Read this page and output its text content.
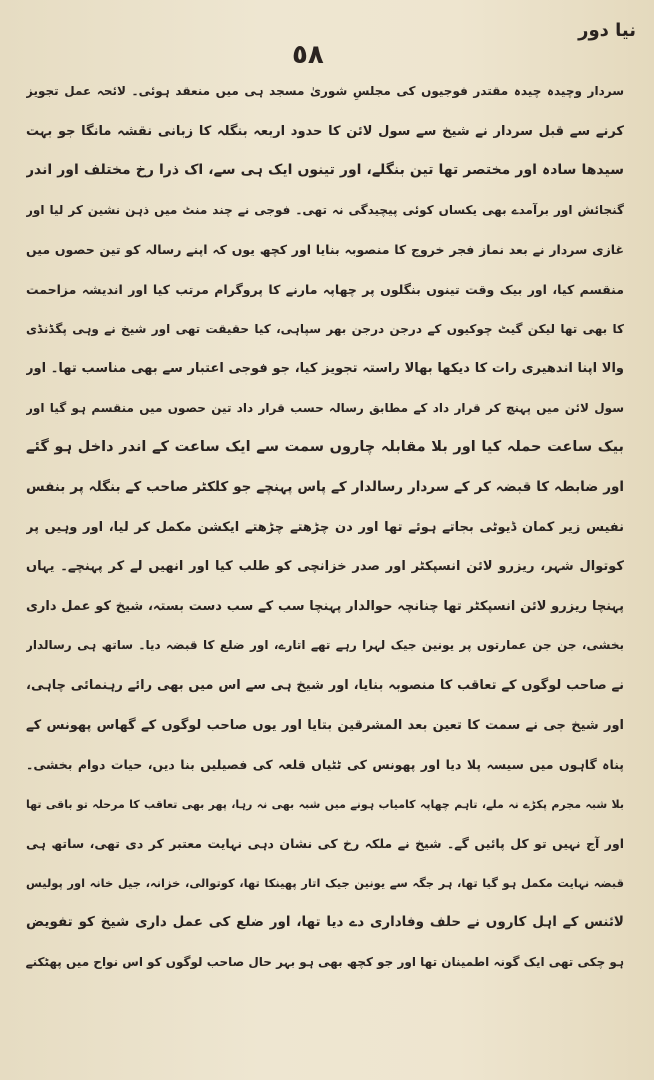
٥٨
نیا دور
سردار وچیدہ چیدہ مقتدر فوجیوں کی مجلسِ شوریٰ مسجد ہی میں منعقد ہوئی۔ لائحہ عمل تجویز
کرنے سے قبل سردار نے شیخ سے سول لائن کا حدود اربعہ بنگلہ کا زبانی نقشہ مانگا جو بہت
سیدھا سادہ اور مختصر تھا تین بنگلے، اور تینوں ایک ہی سے، اک ذرا رخ مختلف اور اندر
گنجائش اور برآمدے بھی یکساں کوئی پیچیدگی نہ تھی۔ فوجی نے چند منٹ میں ذہن نشین کر لیا اور
غازی سردار نے بعد نماز فجر خروج کا منصوبہ بنایا اور کچھ یوں کہ اپنے رسالہ کو تین حصوں میں
منقسم کیا، اور بیک وقت تینوں بنگلوں پر چھاپہ مارنے کا پروگرام مرتب کیا اور اندیشہ مزاحمت
کا بھی تھا لیکن گیٹ چوکیوں کے درجن درجن بھر سپاہی، کیا حقیقت تھی اور شیخ نے وہی پگڈنڈی
والا اپنا اندھیری رات کا دیکھا بھالا راستہ تجویز کیا، جو فوجی اعتبار سے بھی مناسب تھا۔ اور
سول لائن میں پہنچ کر قرار داد کے مطابق رسالہ حسب قرار داد تین حصوں میں منقسم ہو گیا اور
بیک ساعت حملہ کیا اور بلا مقابلہ چاروں سمت سے ایک ساعت کے اندر داخل ہو گئے
اور ضابطہ کا قبضہ کر کے سردار رسالدار کے پاس پہنچے جو کلکٹر صاحب کے بنگلہ پر بنفس
نفیس زیر کمان ڈیوٹی بجاتے ہوئے تھا اور دن چڑھتے چڑھتے ایکشن مکمل کر لیا، اور وہیں پر
کوتوال شہر، ریزرو لائن انسپکٹر اور صدر خزانچی کو طلب کیا اور انھیں لے کر پہنچے۔ یہاں
پہنچا ریزرو لائن انسپکٹر تھا چنانچہ حوالدار پہنچا سب کے سب دست بستہ، شیخ کو عمل داری
بخشی، جن جن عمارتوں پر یونین جیک لہرا رہے تھے اتارے، اور ضلع کا قبضہ دیا۔ ساتھ ہی رسالدار
نے صاحب لوگوں کے تعاقب کا منصوبہ بنایا، اور شیخ ہی سے اس میں بھی رائے رہنمائی چاہی،
اور شیخ جی نے سمت کا تعین بعد المشرقین بتایا اور یوں صاحب لوگوں کے گھاس پھونس کے
پناہ گاہوں میں سیسہ پلا دیا اور پھونس کی ٹٹیاں قلعہ کی فصیلیں بنا دیں، حیات دوام بخشی۔
بلا شبہ مجرم پکڑے نہ ملے، تاہم چھاپہ کامیاب ہونے میں شبہ بھی نہ رہا، پھر بھی تعاقب کا مرحلہ تو باقی تھا
اور آج نہیں تو کل پائیں گے۔ شیخ نے ملکہ رخ کی نشان دہی نہایت معتبر کر دی تھی، ساتھ ہی
قبضہ نہایت مکمل ہو گیا تھا، ہر جگہ سے یونین جیک اتار پھینکا تھا، کوتوالی، خزانہ، جیل خانہ اور پولیس
لائنس کے اہل کاروں نے حلف وفاداری دے دیا تھا، اور ضلع کی عمل داری شیخ کو تفویض
ہو چکی تھی ایک گونہ اطمینان تھا اور جو کچھ بھی ہو بہر حال صاحب لوگوں کو اس نواح میں پھٹکنے
